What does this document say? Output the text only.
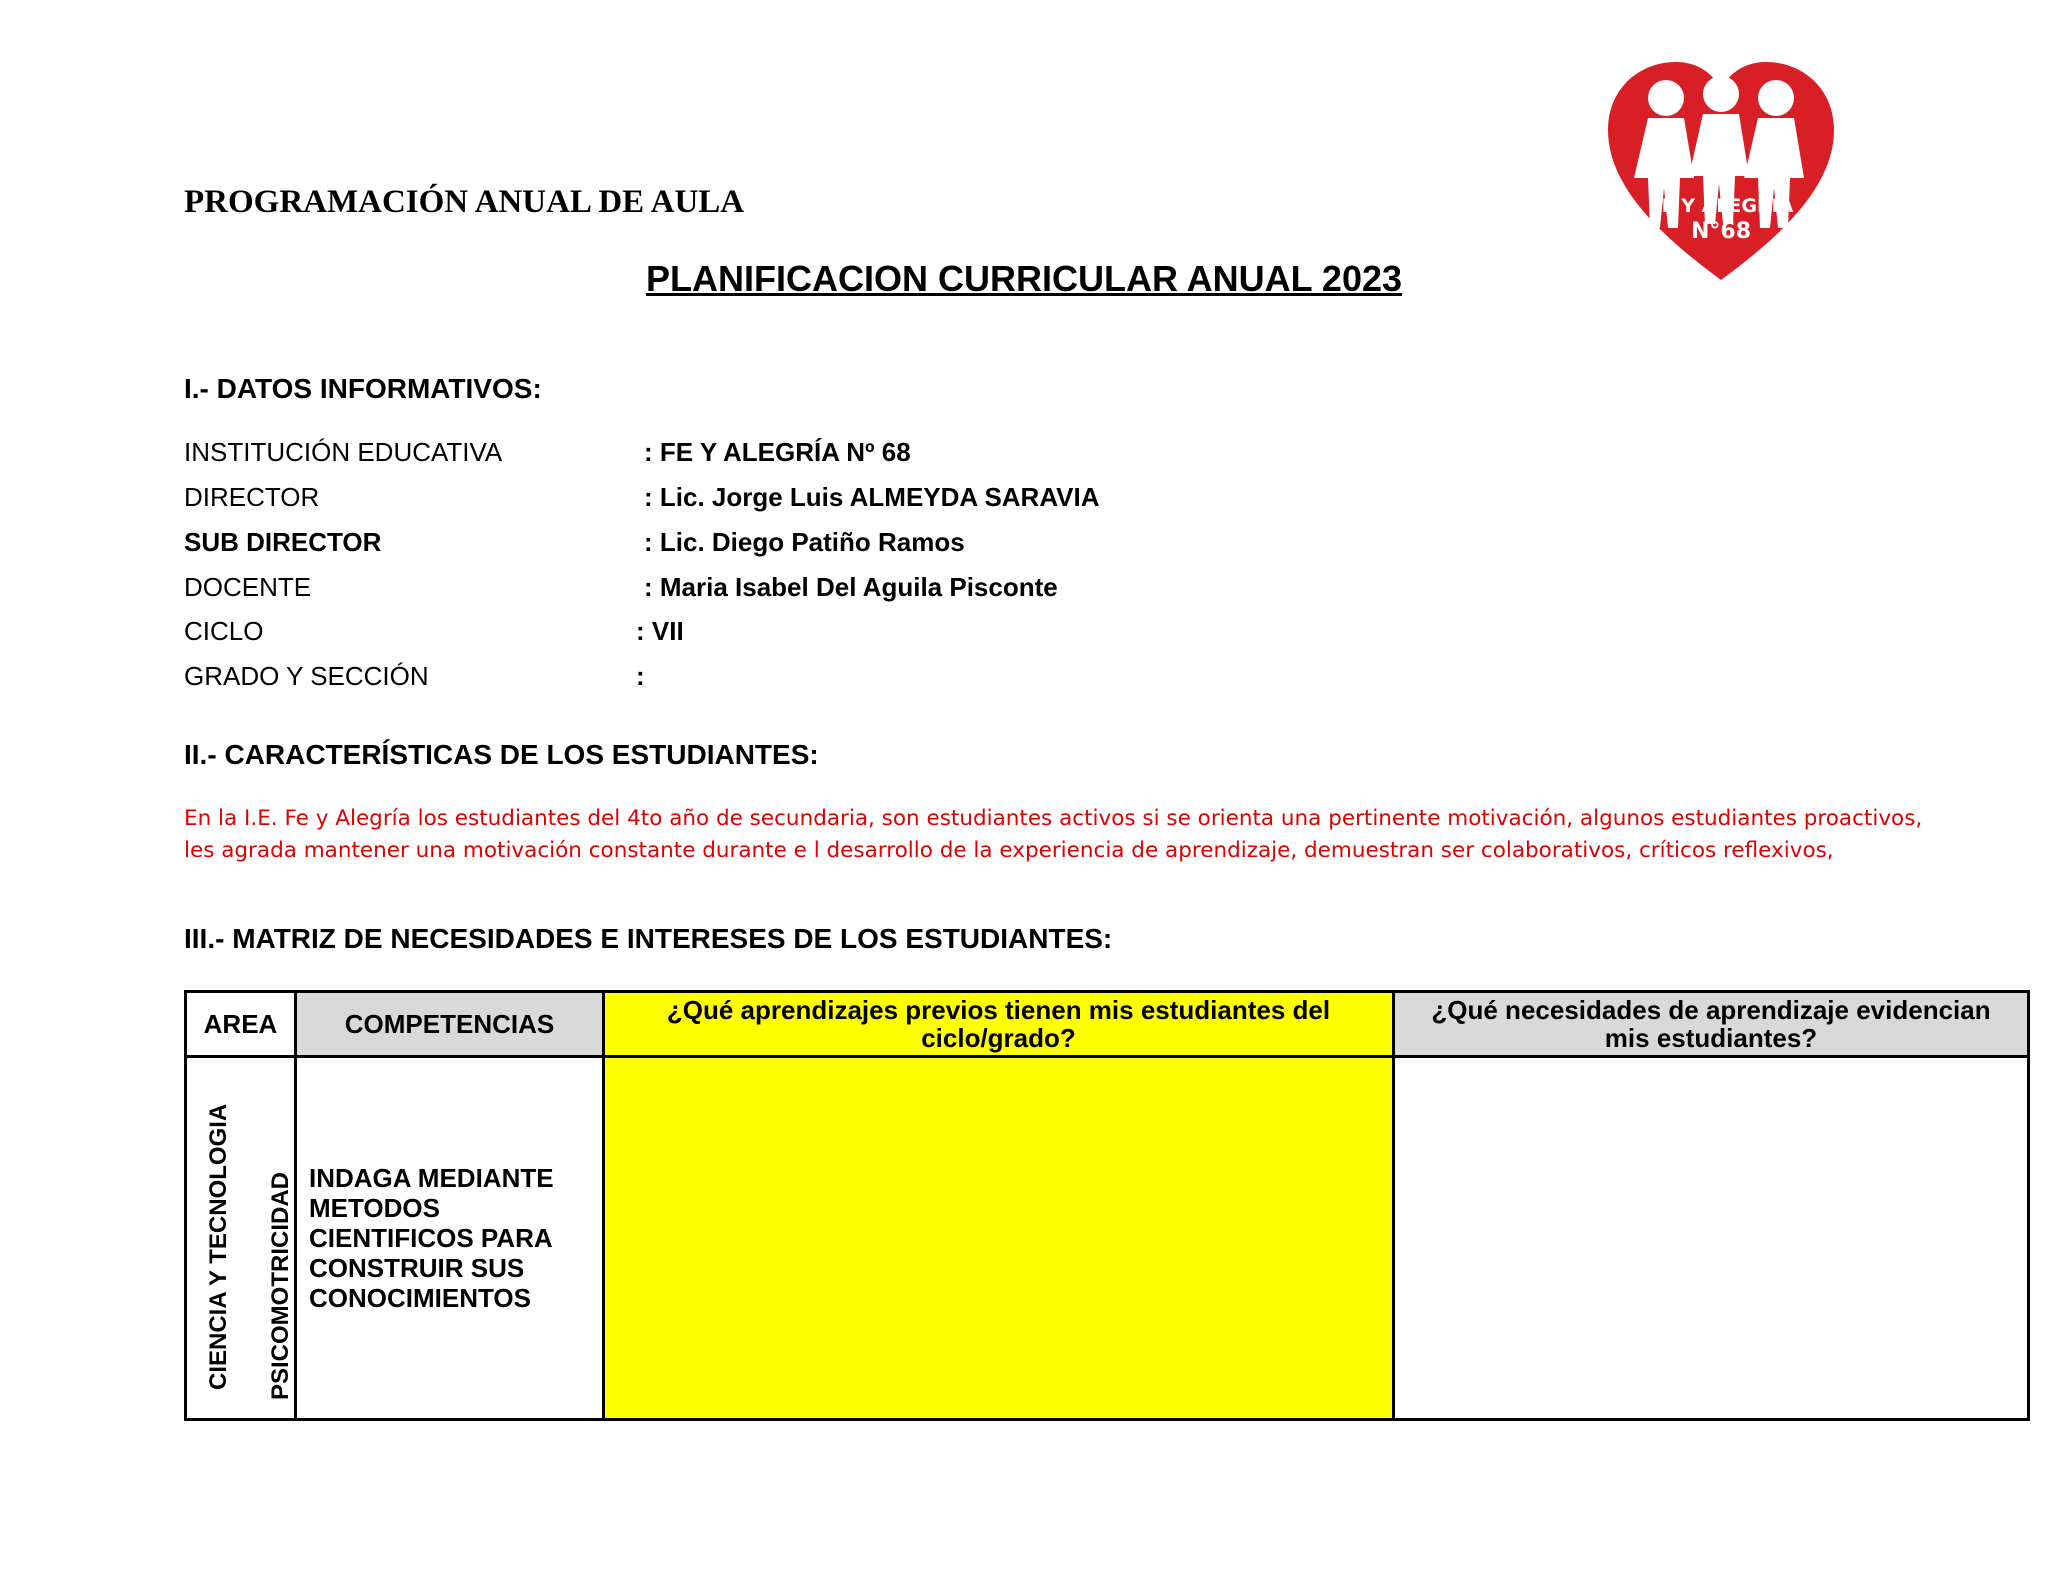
PROGRAMACIÓN ANUAL DE AULA
PLANIFICACION CURRICULAR ANUAL 2023
FE Y ALEGRIA
N°68
I.- DATOS INFORMATIVOS:
INSTITUCIÓN EDUCATIVA	: FE Y ALEGRÍA Nº 68
DIRECTOR	: Lic. Jorge Luis ALMEYDA SARAVIA
SUB DIRECTOR	: Lic. Diego Patiño Ramos
DOCENTE	: Maria Isabel Del Aguila Pisconte
CICLO	: VII
GRADO Y SECCIÓN	:
II.- CARACTERÍSTICAS DE LOS ESTUDIANTES:
En la I.E. Fe y Alegría los estudiantes del 4to año de secundaria, son estudiantes activos si se orienta una pertinente motivación, algunos estudiantes proactivos,
les agrada mantener una motivación constante durante e l desarrollo de la experiencia de aprendizaje, demuestran ser colaborativos, críticos reflexivos,
III.- MATRIZ DE NECESIDADES E INTERESES DE LOS ESTUDIANTES:
AREA	COMPETENCIAS	¿Qué aprendizajes previos tienen mis estudiantes del ciclo/grado?	¿Qué necesidades de aprendizaje evidencian mis estudiantes?

CIENCIA Y TECNOLOGIA PSICOMOTRICIDAD	INDAGA MEDIANTE METODOS CIENTIFICOS PARA CONSTRUIR SUS CONOCIMIENTOS		
